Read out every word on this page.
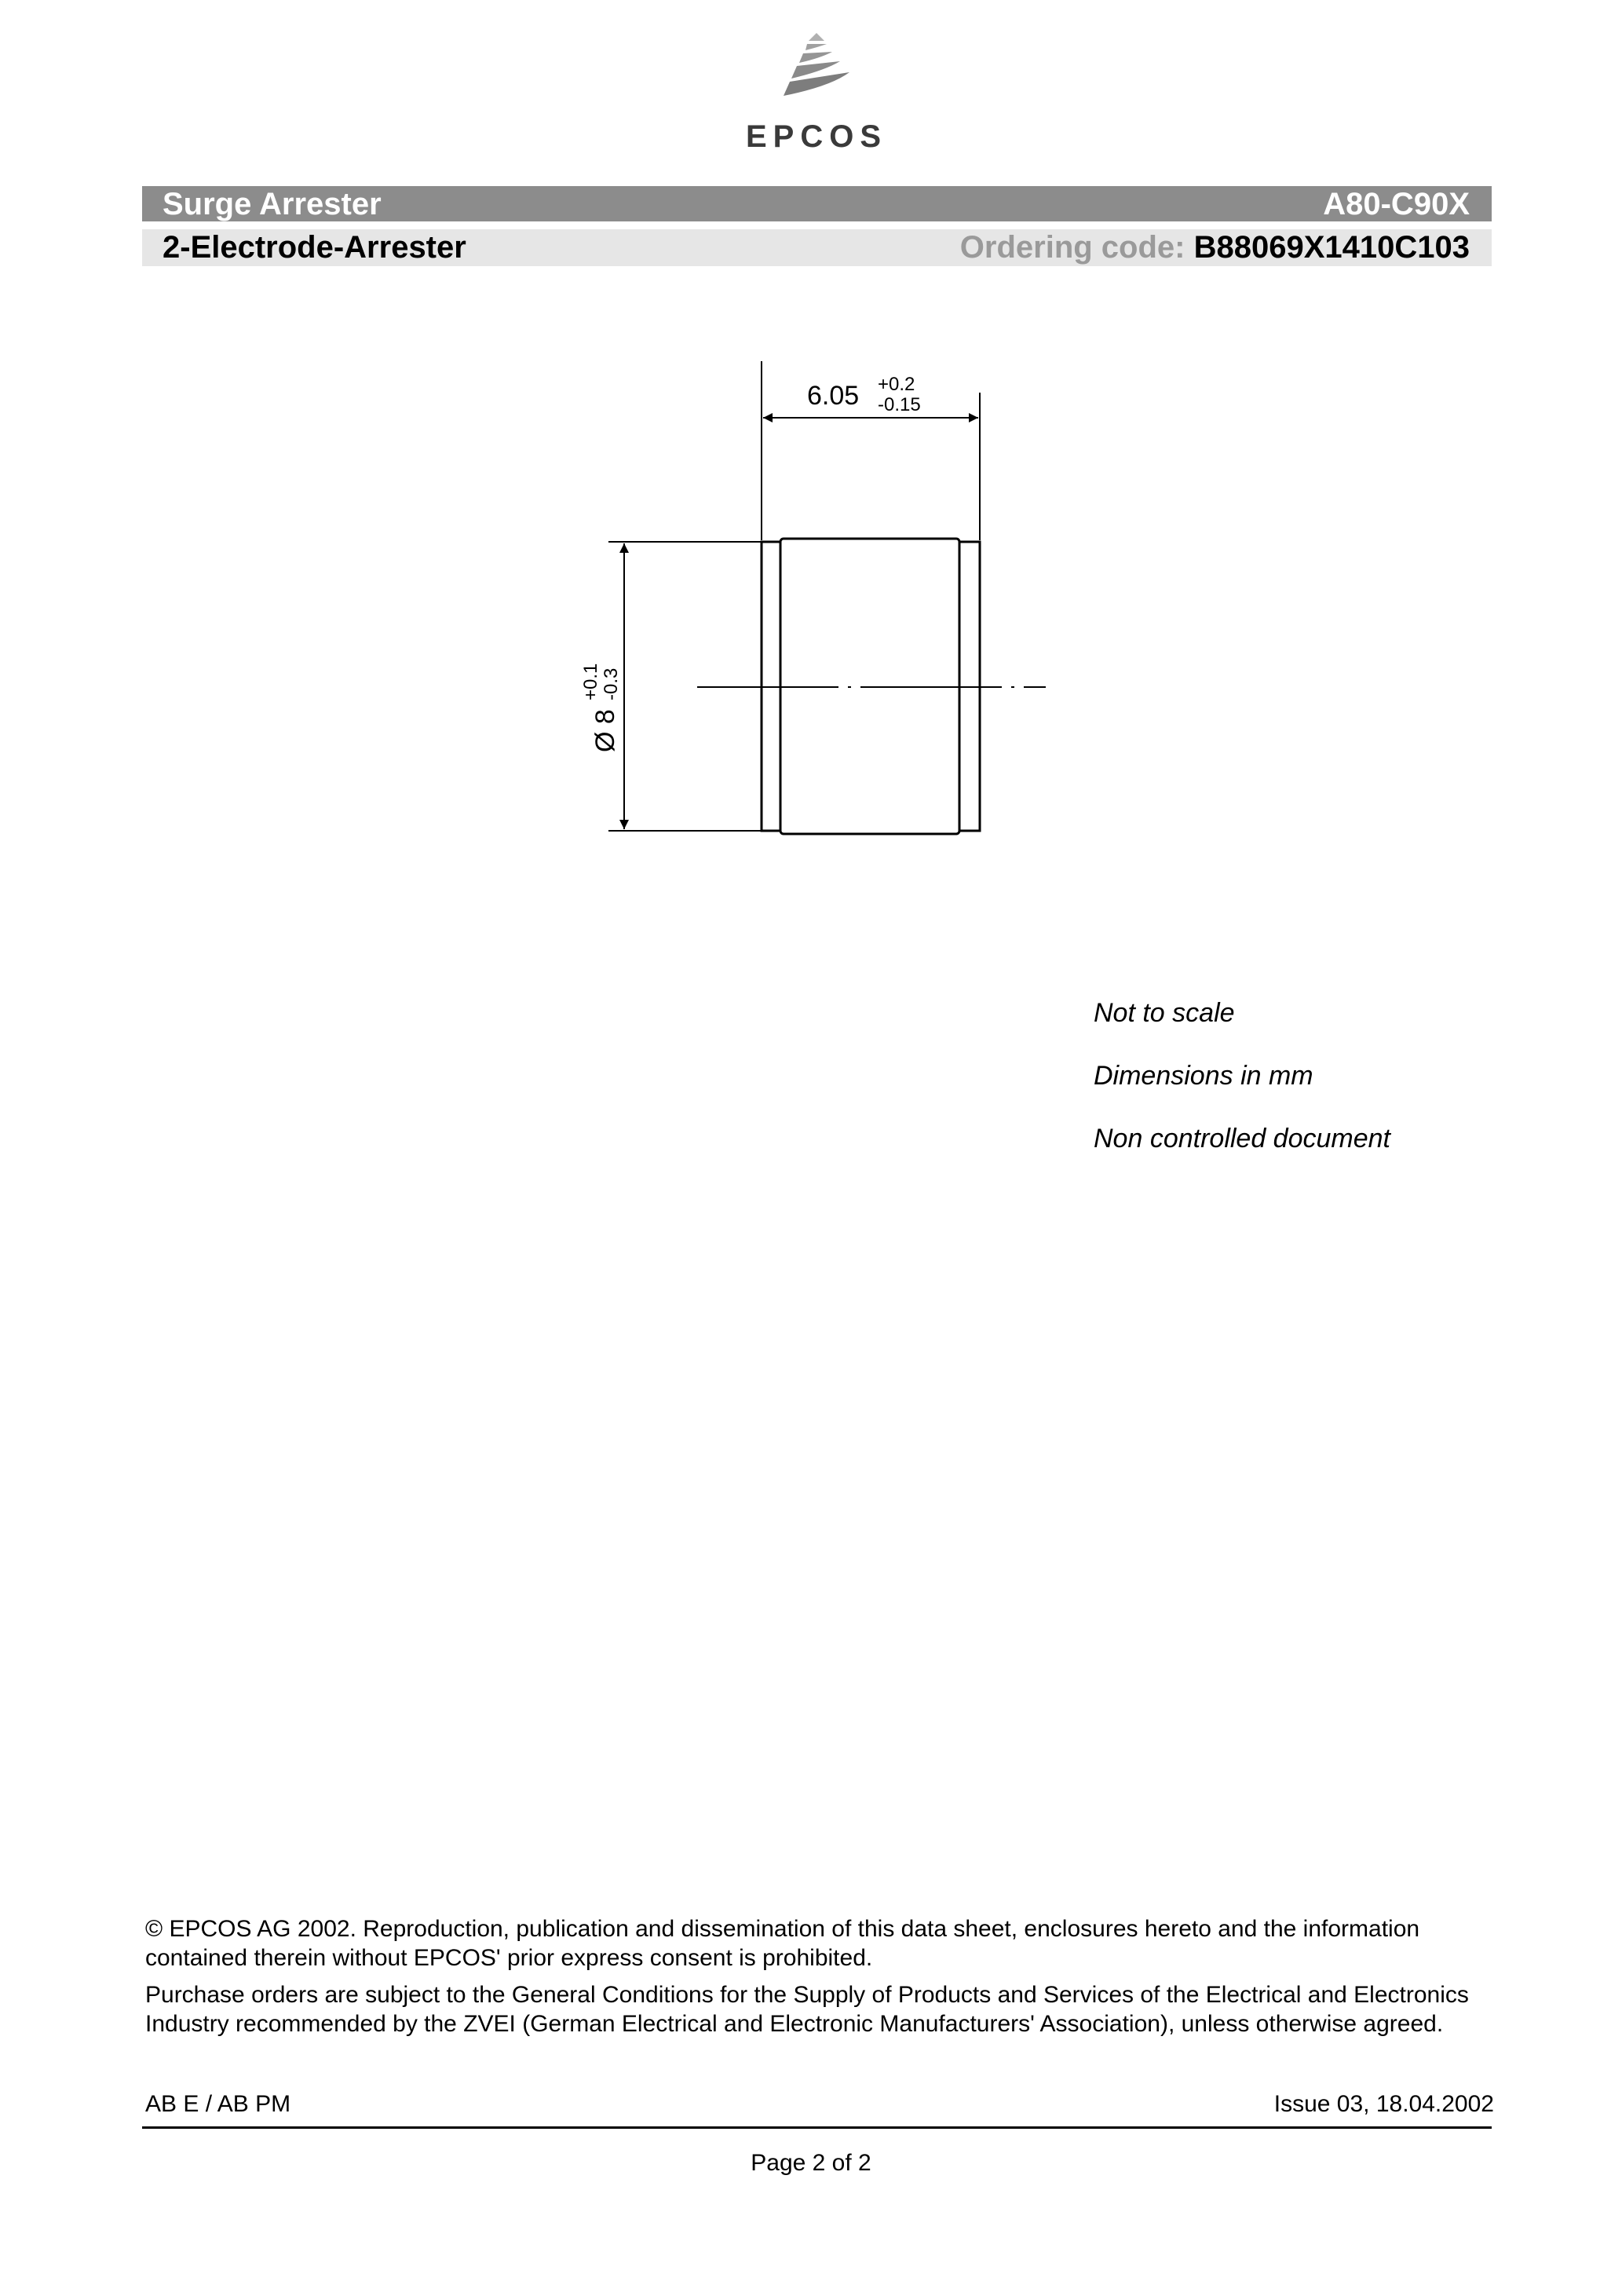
EPCOS
Surge Arrester	A80-C90X
2-Electrode-Arrester	Ordering code: B88069X1410C103
6.05 +0.2
-0.15
Ø 8
+0.1 -0.3
Not to scale
Dimensions in mm
Non controlled document

© EPCOS AG 2002. Reproduction, publication and dissemination of this data sheet, enclosures hereto and the information contained therein without EPCOS' prior express consent is prohibited.

Purchase orders are subject to the General Conditions for the Supply of Products and Services of the Electrical and Electronics Industry recommended by the ZVEI (German Electrical and Electronic Manufacturers' Association), unless otherwise agreed.

AB E / AB PM	Issue 03, 18.04.2002
Page 2 of 2
